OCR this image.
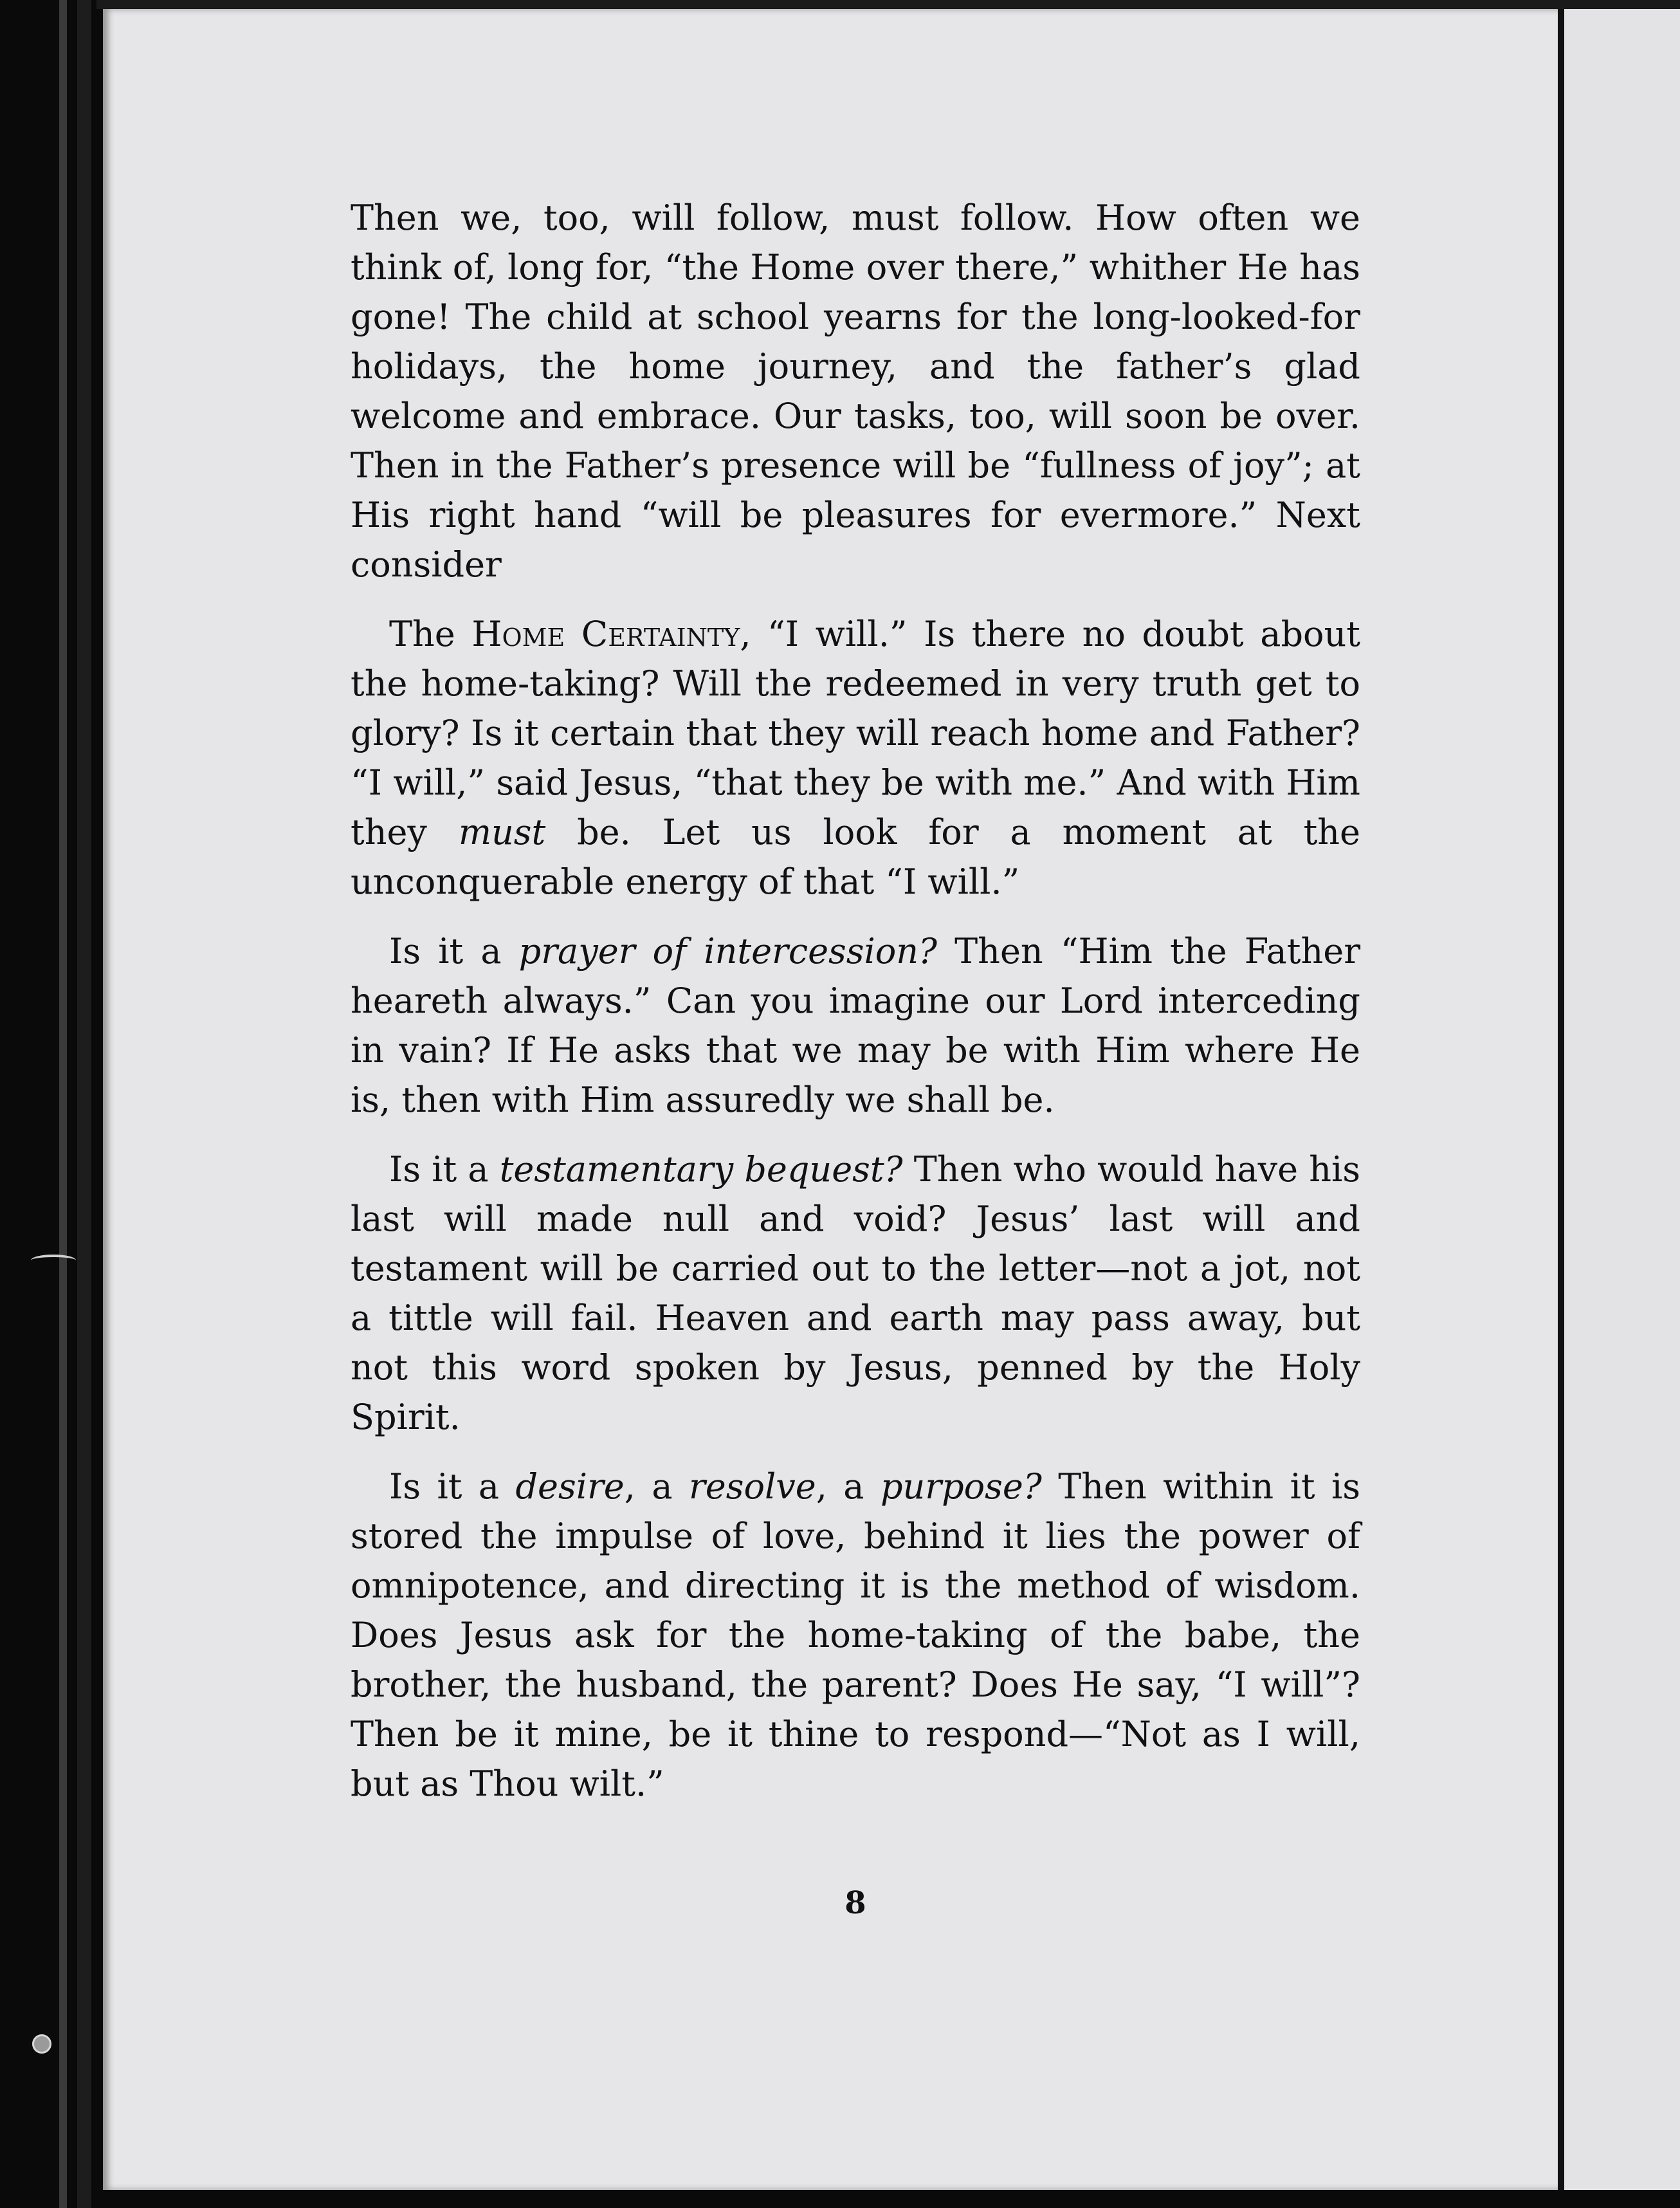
Then we, too, will follow, must follow. How often we think of, long for, “the Home over there,” whither He has gone! The child at school yearns for the long-looked-for holidays, the home journey, and the father’s glad welcome and embrace. Our tasks, too, will soon be over. Then in the Father’s presence will be “fullness of joy”; at His right hand “will be pleasures for evermore.” Next consider

The Home Certainty, “I will.” Is there no doubt about the home-taking? Will the redeemed in very truth get to glory? Is it certain that they will reach home and Father? “I will,” said Jesus, “that they be with me.” And with Him they must be. Let us look for a moment at the unconquerable energy of that “I will.”

Is it a prayer of intercession? Then “Him the Father heareth always.” Can you imagine our Lord interceding in vain? If He asks that we may be with Him where He is, then with Him assuredly we shall be.

Is it a testamentary bequest? Then who would have his last will made null and void? Jesus’ last will and testament will be carried out to the letter—not a jot, not a tittle will fail. Heaven and earth may pass away, but not this word spoken by Jesus, penned by the Holy Spirit.

Is it a desire, a resolve, a purpose? Then within it is stored the impulse of love, behind it lies the power of omnipotence, and directing it is the method of wisdom. Does Jesus ask for the home-taking of the babe, the brother, the husband, the parent? Does He say, “I will”? Then be it mine, be it thine to respond—“Not as I will, but as Thou wilt.”

8
